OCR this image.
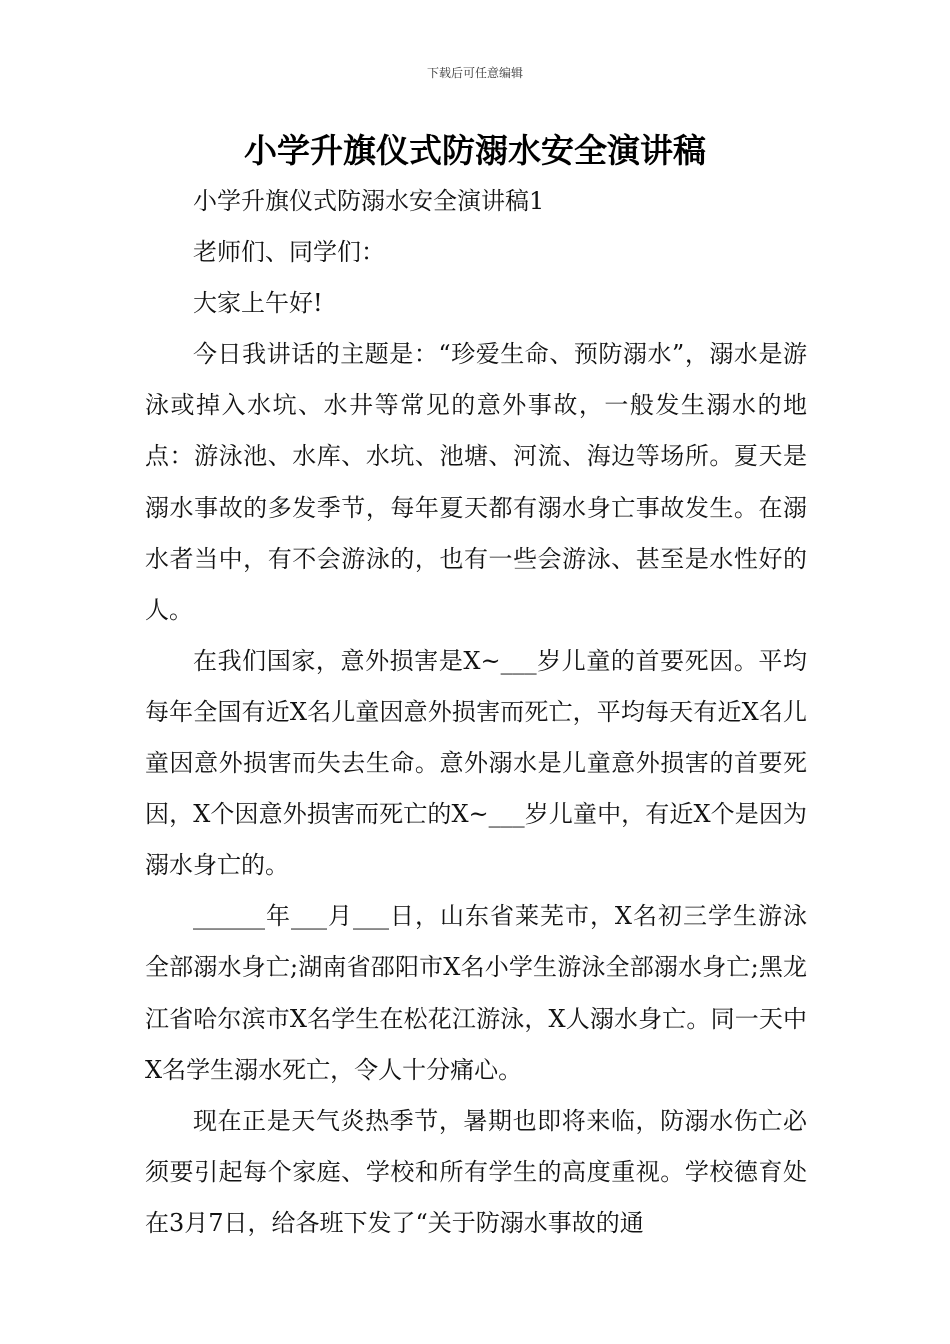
下载后可任意编辑
小学升旗仪式防溺水安全演讲稿

小学升旗仪式防溺水安全演讲稿1

老师们、同学们：

大家上午好!

今日我讲话的主题是：“珍爱生命、预防溺水”，溺水是游泳或掉入水坑、水井等常见的意外事故，一般发生溺水的地点：游泳池、水库、水坑、池塘、河流、海边等场所。夏天是溺水事故的多发季节，每年夏天都有溺水身亡事故发生。在溺水者当中，有不会游泳的，也有一些会游泳、甚至是水性好的人。

在我们国家，意外损害是X~___岁儿童的首要死因。平均每年全国有近X名儿童因意外损害而死亡，平均每天有近X名儿童因意外损害而失去生命。意外溺水是儿童意外损害的首要死因，X个因意外损害而死亡的X~___岁儿童中，有近X个是因为溺水身亡的。

______年___月___日，山东省莱芜市，X名初三学生游泳全部溺水身亡;湖南省邵阳市X名小学生游泳全部溺水身亡;黑龙江省哈尔滨市X名学生在松花江游泳，X人溺水身亡。同一天中X名学生溺水死亡，令人十分痛心。

现在正是天气炎热季节，暑期也即将来临，防溺水伤亡必须要引起每个家庭、学校和所有学生的高度重视。学校德育处在3月7日，给各班下发了“关于防溺水事故的通
